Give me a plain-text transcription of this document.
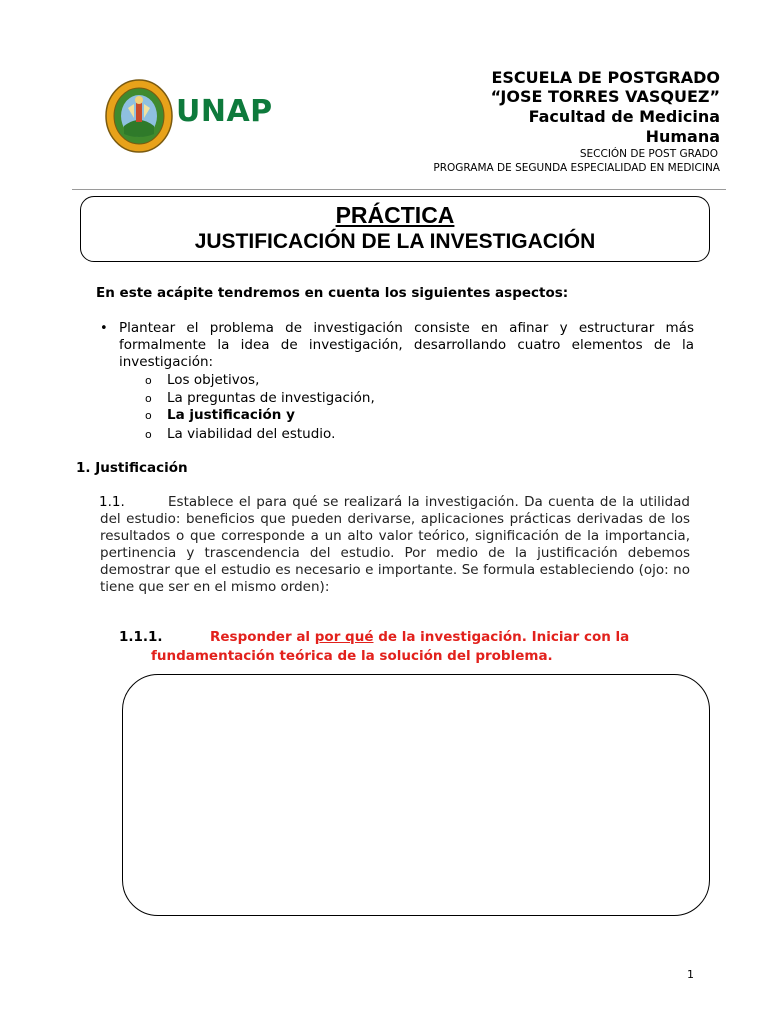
UNAP
ESCUELA DE POSTGRADO
“JOSE TORRES VASQUEZ”
Facultad de Medicina
Humana
SECCIÓN DE POST GRADO
PROGRAMA DE SEGUNDA ESPECIALIDAD EN MEDICINA
PRÁCTICA
JUSTIFICACIÓN DE LA INVESTIGACIÓN
En este acápite tendremos en cuenta los siguientes aspectos:
• Plantear el problema de investigación consiste en afinar y estructurar más formalmente la idea de investigación, desarrollando cuatro elementos de la investigación:
o Los objetivos,
o La preguntas de investigación,
o La justificación y
o La viabilidad del estudio.
1. Justificación
1.1.	Establece el para qué se realizará la investigación. Da cuenta de la utilidad del estudio: beneficios que pueden derivarse, aplicaciones prácticas derivadas de los resultados o que corresponde a un alto valor teórico, significación de la importancia, pertinencia y trascendencia del estudio. Por medio de la justificación debemos demostrar que el estudio es necesario e importante. Se formula estableciendo (ojo: no tiene que ser en el mismo orden):
1.1.1.	Responder al por qué de la investigación. Iniciar con la
fundamentación teórica de la solución del problema.
1
